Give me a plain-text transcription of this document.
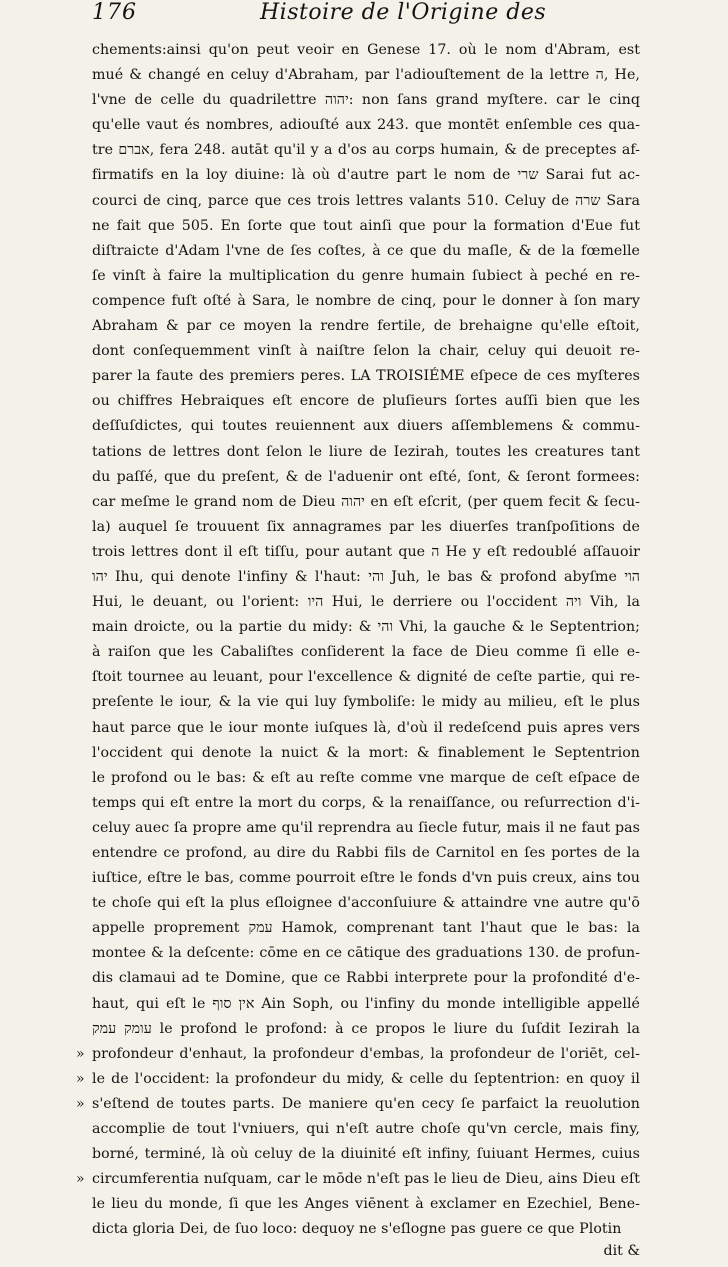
176	Histoire de l'Origine des
chements:ainsi qu'on peut veoir en Genese 17. où le nom d'Abram, est
mué & changé en celuy d'Abraham, par l'adiouſtement de la lettre ה, He,
l'vne de celle du quadrilettre יהוה: non ſans grand myſtere. car le cinq
qu'elle vaut és nombres, adiouſté aux 243. que montēt enſemble ces qua-
tre אברם, fera 248. autāt qu'il y a d'os au corps humain, & de preceptes af-
firmatifs en la loy diuine: là où d'autre part le nom de שרי Sarai fut ac-
courci de cinq, parce que ces trois lettres valants 510. Celuy de שרה Sara
ne fait que 505. En ſorte que tout ainſi que pour la formation d'Eue fut
diſtraicte d'Adam l'vne de ſes coſtes, à ce que du maſle, & de la fœmelle
ſe vinſt à faire la multiplication du genre humain ſubiect à peché en re-
compence fuſt oſté à Sara, le nombre de cinq, pour le donner à ſon mary
Abraham & par ce moyen la rendre fertile, de brehaigne qu'elle eſtoit,
dont conſequemment vinſt à naiſtre ſelon la chair, celuy qui deuoit re-
parer la faute des premiers peres. LA TROISIÉME eſpece de ces myſteres
ou chiffres Hebraiques eſt encore de pluſieurs ſortes auſſi bien que les
deſſuſdictes, qui toutes reuiennent aux diuers aſſemblemens & commu-
tations de lettres dont ſelon le liure de Iezirah, toutes les creatures tant
du paſſé, que du preſent, & de l'aduenir ont eſté, ſont, & ſeront formees:
car meſme le grand nom de Dieu יהוה en eſt eſcrit, (per quem fecit & ſecu-
la) auquel ſe trouuent ſix annagrames par les diuerſes tranſpoſitions de
trois lettres dont il eſt tiſſu, pour autant que ה He y eſt redoublé aſſauoir
יהו Ihu, qui denote l'infiny & l'haut: והי Juh, le bas & profond abyſme הוי
Hui, le deuant, ou l'orient: היו Hui, le derriere ou l'occident ויה Vih, la
main droicte, ou la partie du midy: & והי Vhi, la gauche & le Septentrion;
à raiſon que les Cabaliſtes conſiderent la face de Dieu comme ſi elle e-
ſtoit tournee au leuant, pour l'excellence & dignité de ceſte partie, qui re-
preſente le iour, & la vie qui luy ſymboliſe: le midy au milieu, eſt le plus
haut parce que le iour monte iuſques là, d'où il redeſcend puis apres vers
l'occident qui denote la nuict & la mort: & finablement le Septentrion
le profond ou le bas: & eſt au reſte comme vne marque de ceſt eſpace de
temps qui eſt entre la mort du corps, & la renaiſſance, ou reſurrection d'i-
celuy auec ſa propre ame qu'il reprendra au ſiecle futur, mais il ne faut pas
entendre ce profond, au dire du Rabbi fils de Carnitol en ſes portes de la
iuſtice, eſtre le bas, comme pourroit eſtre le fonds d'vn puis creux, ains tou
te choſe qui eſt la plus eſloignee d'acconſuiure & attaindre vne autre qu'ō
appelle proprement עמק Hamok, comprenant tant l'haut que le bas: la
montee & la deſcente: cōme en ce cātique des graduations 130. de profun-
dis clamaui ad te Domine, que ce Rabbi interprete pour la profondité d'e-
haut, qui eſt le אין סוף Ain Soph, ou l'infiny du monde intelligible appellé
עומק עמק le profond le profond: à ce propos le liure du ſuſdit Iezirah la
» profondeur d'enhaut, la profondeur d'embas, la profondeur de l'oriēt, cel-
» le de l'occident: la profondeur du midy, & celle du ſeptentrion: en quoy il
» s'eſtend de toutes parts. De maniere qu'en cecy ſe parfaict la reuolution
accomplie de tout l'vniuers, qui n'eſt autre choſe qu'vn cercle, mais finy,
borné, terminé, là où celuy de la diuinité eſt infiny, ſuiuant Hermes, cuius
» circumferentia nuſquam, car le mōde n'eſt pas le lieu de Dieu, ains Dieu eſt
le lieu du monde, ſi que les Anges viēnent à exclamer en Ezechiel, Bene-
dicta gloria Dei, de ſuo loco: dequoy ne s'eſlogne pas guere ce que Plotin
dit &
